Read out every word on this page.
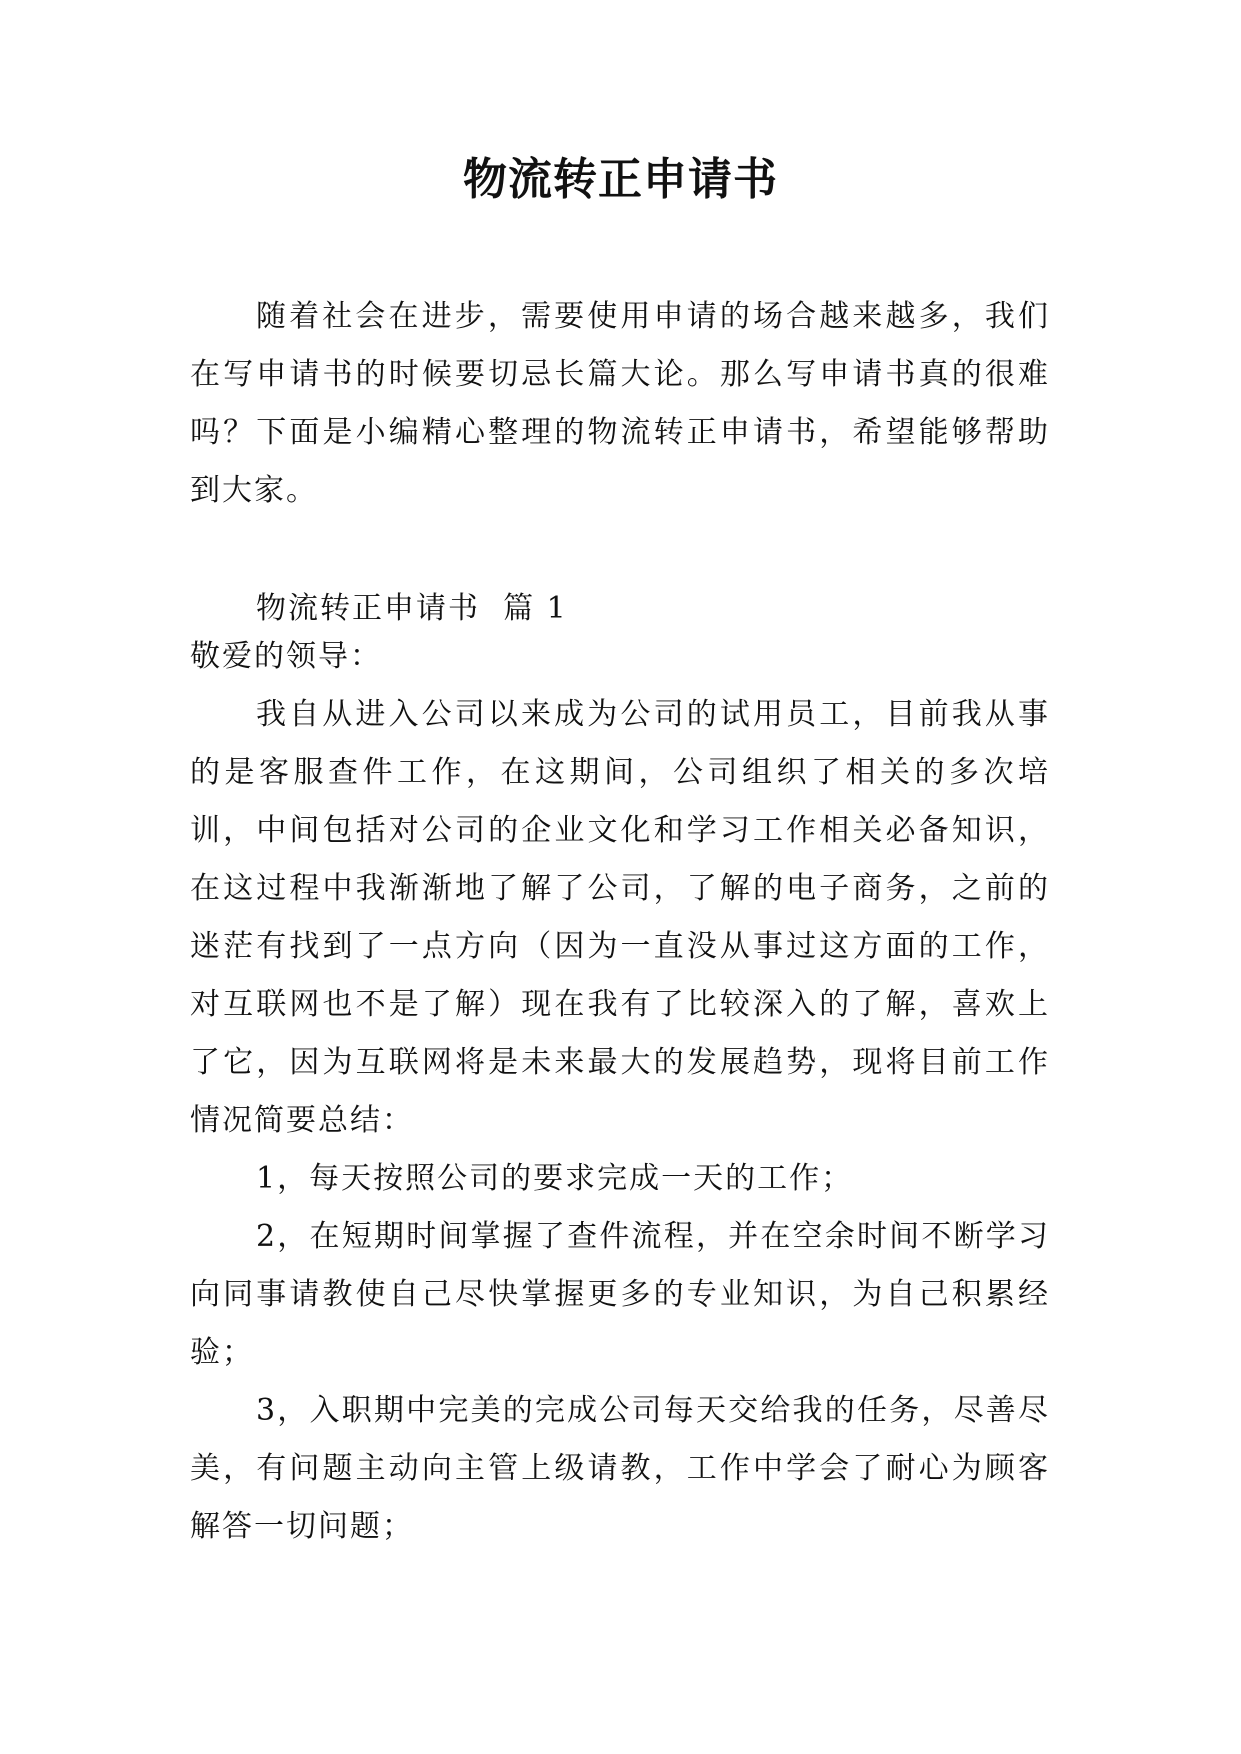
物流转正申请书

随着社会在进步，需要使用申请的场合越来越多，我们在写申请书的时候要切忌长篇大论。那么写申请书真的很难吗？下面是小编精心整理的物流转正申请书，希望能够帮助到大家。

物流转正申请书  篇 1

敬爱的领导：

我自从进入公司以来成为公司的试用员工，目前我从事的是客服查件工作，在这期间，公司组织了相关的多次培训，中间包括对公司的企业文化和学习工作相关必备知识，在这过程中我渐渐地了解了公司，了解的电子商务，之前的迷茫有找到了一点方向（因为一直没从事过这方面的工作，对互联网也不是了解）现在我有了比较深入的了解，喜欢上了它，因为互联网将是未来最大的发展趋势，现将目前工作情况简要总结：

1，每天按照公司的要求完成一天的工作；

2，在短期时间掌握了查件流程，并在空余时间不断学习向同事请教使自己尽快掌握更多的专业知识，为自己积累经验；

3，入职期中完美的完成公司每天交给我的任务，尽善尽美，有问题主动向主管上级请教，工作中学会了耐心为顾客解答一切问题；
